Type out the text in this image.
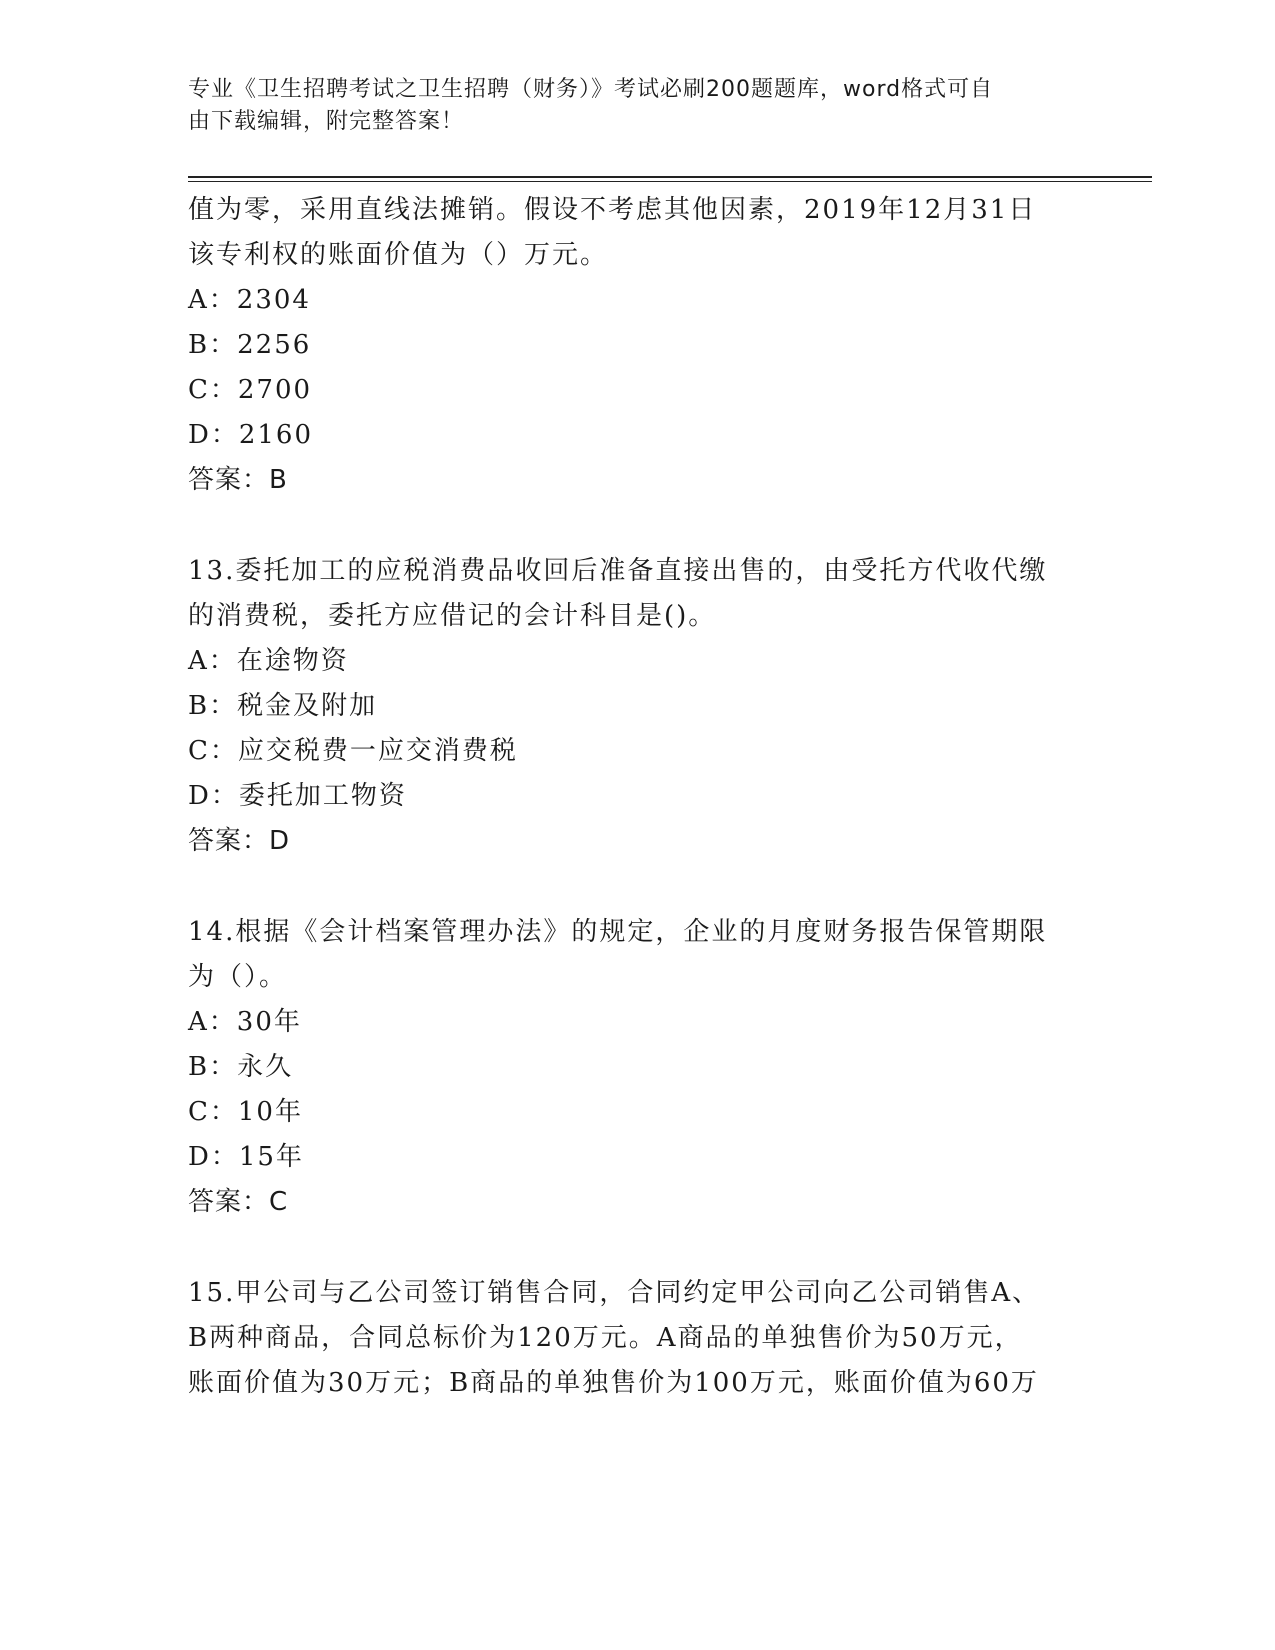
专业《卫生招聘考试之卫生招聘（财务）》考试必刷200题题库，word格式可自
由下载编辑，附完整答案！
值为零，采用直线法摊销。假设不考虑其他因素，2019年12月31日
该专利权的账面价值为（）万元。
A：2304
B：2256
C：2700
D：2160
答案：B
13.委托加工的应税消费品收回后准备直接出售的，由受托方代收代缴
的消费税，委托方应借记的会计科目是()。
A：在途物资
B：税金及附加
C：应交税费一应交消费税
D：委托加工物资
答案：D
14.根据《会计档案管理办法》的规定，企业的月度财务报告保管期限
为（）。
A：30年
B：永久
C：10年
D：15年
答案：C
15.甲公司与乙公司签订销售合同，合同约定甲公司向乙公司销售A、
B两种商品，合同总标价为120万元。A商品的单独售价为50万元，
账面价值为30万元；B商品的单独售价为100万元，账面价值为60万
